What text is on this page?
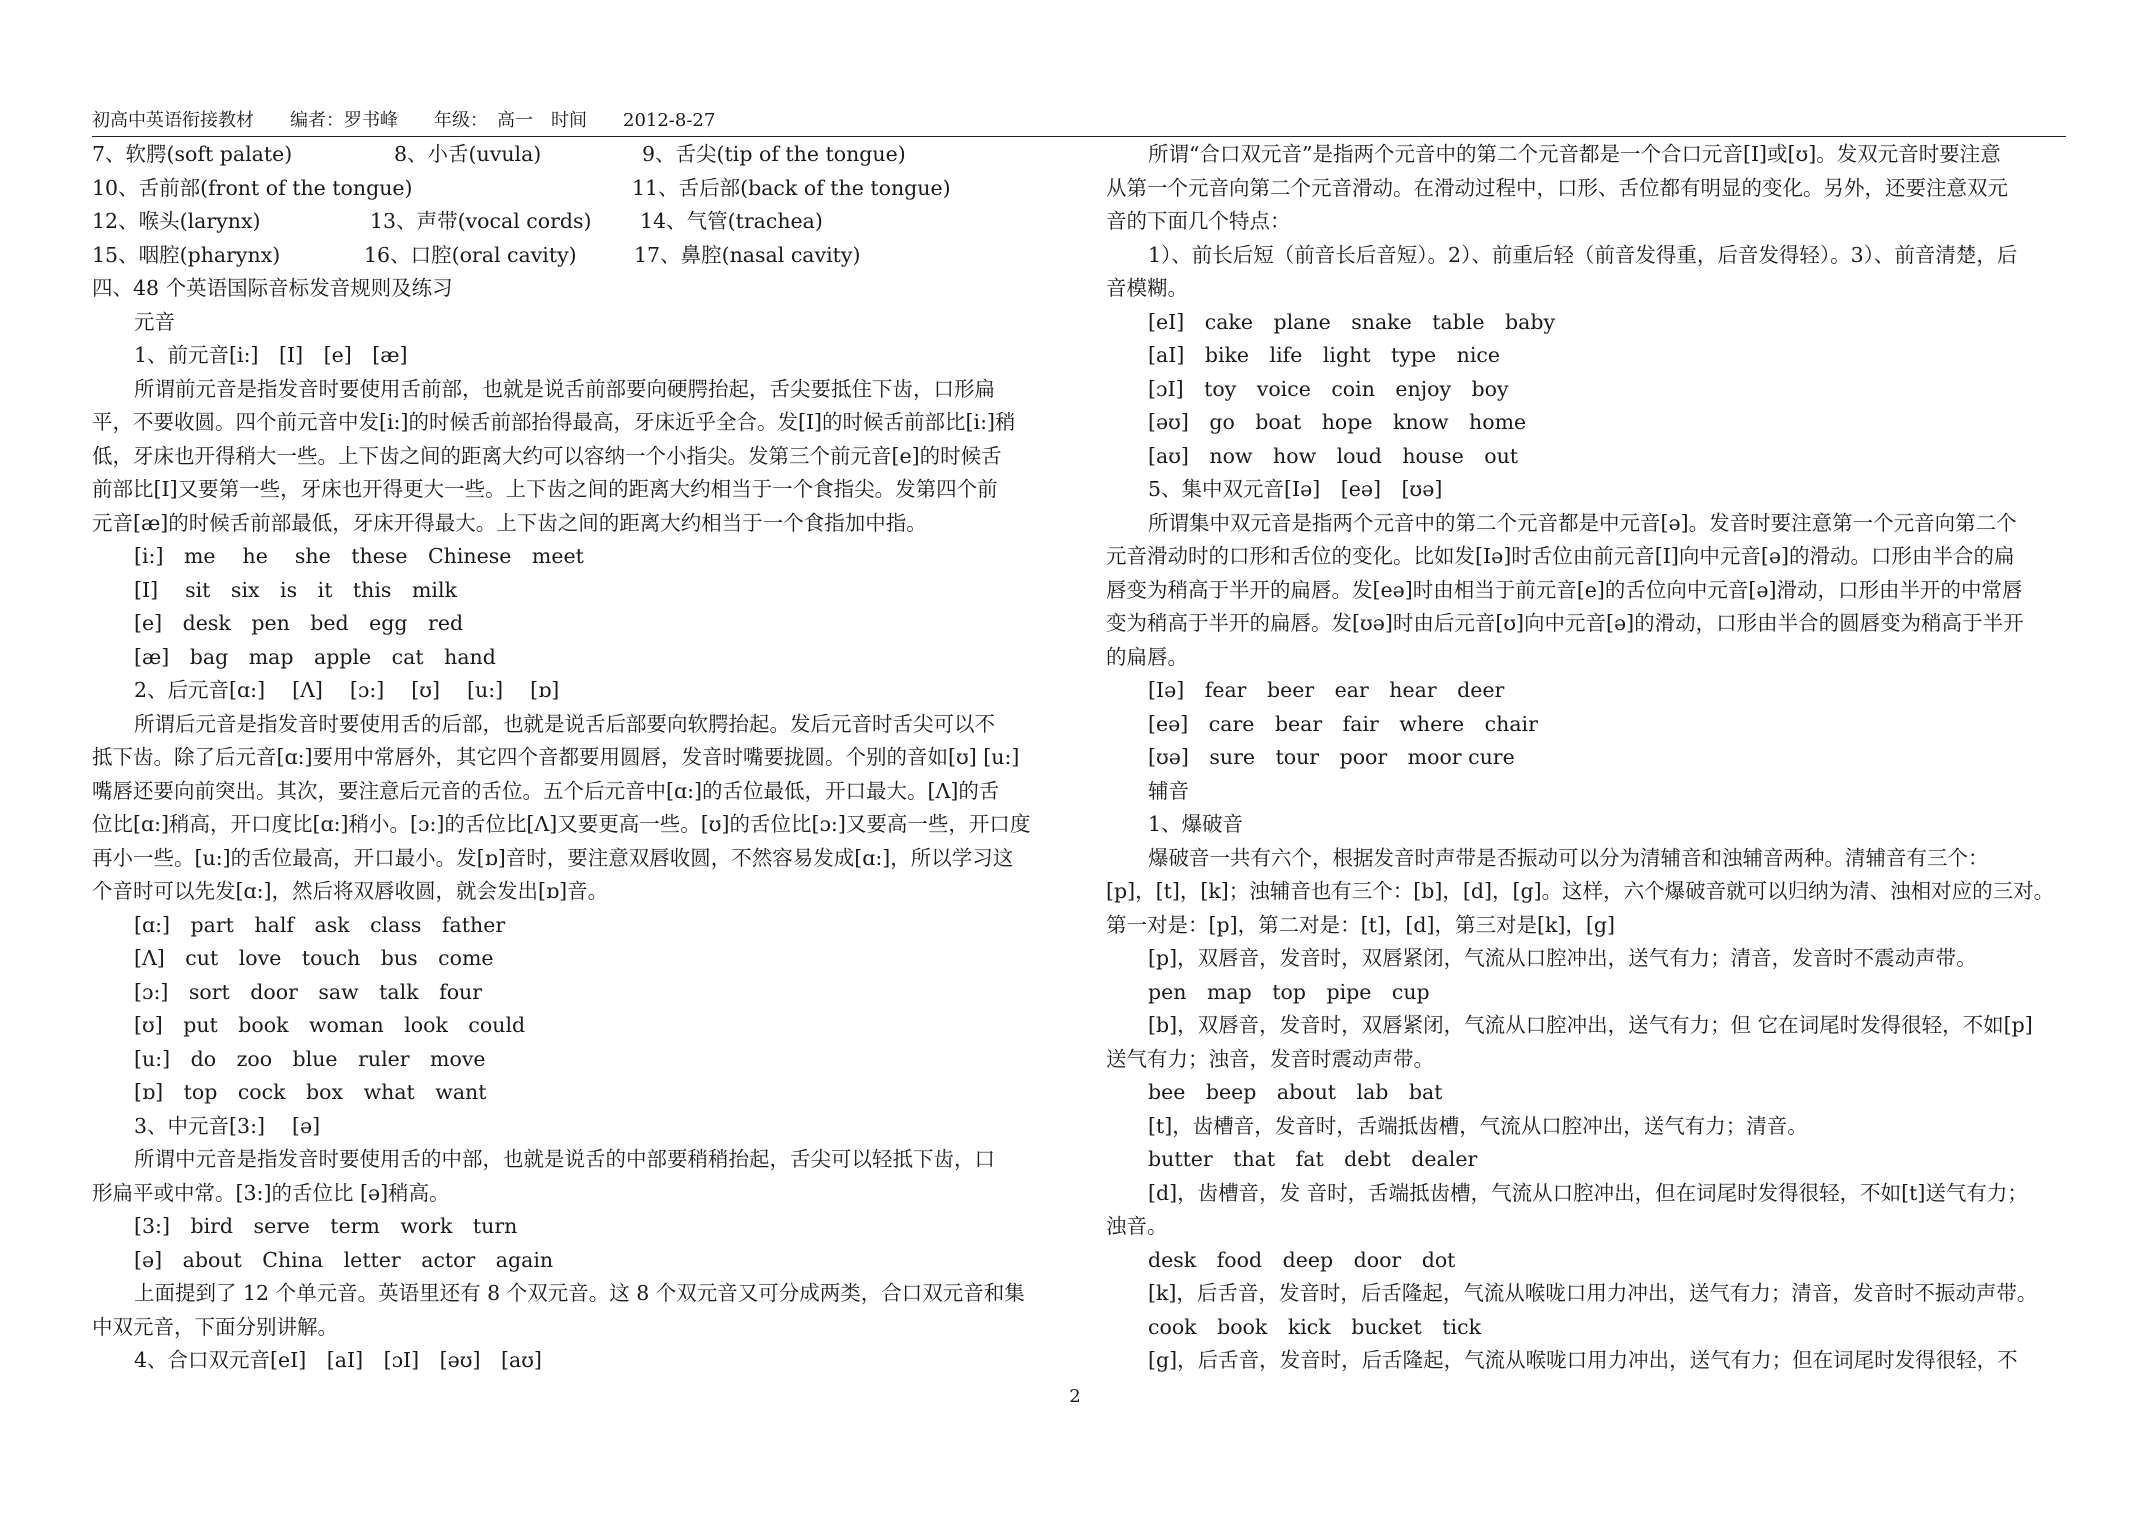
初高中英语衔接教材　　编者：罗书峰　　年级：　高一　时间　　2012-8-27
7、软腭(soft palate)	8、小舌(uvula)	9、舌尖(tip of the tongue)
10、舌前部(front of the tongue)	11、舌后部(back of the tongue)
12、喉头(larynx)	13、声带(vocal cords) 14、气管(trachea)
15、咽腔(pharynx)	16、口腔(oral cavity)	17、鼻腔(nasal cavity)
四、48 个英语国际音标发音规则及练习
元音
1、前元音[i:]　[I]　[e]　[æ]
所谓前元音是指发音时要使用舌前部，也就是说舌前部要向硬腭抬起，舌尖要抵住下齿，口形扁
平，不要收圆。四个前元音中发[i:]的时候舌前部抬得最高，牙床近乎全合。发[I]的时候舌前部比[i:]稍
低，牙床也开得稍大一些。上下齿之间的距离大约可以容纳一个小指尖。发第三个前元音[e]的时候舌
前部比[I]又要第一些，牙床也开得更大一些。上下齿之间的距离大约相当于一个食指尖。发第四个前
元音[æ]的时候舌前部最低，牙床开得最大。上下齿之间的距离大约相当于一个食指加中指。
[i:]　me　 he　 she　these　Chinese　meet
[I]　 sit　six　is　it　this　milk
[e]　desk　pen　bed　egg　red
[æ]　bag　map　apple　cat　hand
2、后元音[ɑ:]　 [Λ]　 [ɔ:]　 [ʊ]　 [u:]　 [ɒ]
所谓后元音是指发音时要使用舌的后部，也就是说舌后部要向软腭抬起。发后元音时舌尖可以不
抵下齿。除了后元音[ɑ:]要用中常唇外，其它四个音都要用圆唇，发音时嘴要拢圆。个别的音如[ʊ] [u:]
嘴唇还要向前突出。其次，要注意后元音的舌位。五个后元音中[ɑ:]的舌位最低，开口最大。[Λ]的舌
位比[ɑ:]稍高，开口度比[ɑ:]稍小。[ɔ:]的舌位比[Λ]又要更高一些。[ʊ]的舌位比[ɔ:]又要高一些，开口度
再小一些。[u:]的舌位最高，开口最小。发[ɒ]音时，要注意双唇收圆，不然容易发成[ɑ:]，所以学习这
个音时可以先发[ɑ:]，然后将双唇收圆，就会发出[ɒ]音。
[ɑ:]　part　half　ask　class　father
[Λ]　cut　love　touch　bus　come
[ɔ:]　sort　door　saw　talk　four
[ʊ]　put　book　woman　look　could
[u:]　do　zoo　blue　ruler　move
[ɒ]　top　cock　box　what　want
3、中元音[3:]　 [ə]
所谓中元音是指发音时要使用舌的中部，也就是说舌的中部要稍稍抬起，舌尖可以轻抵下齿，口
形扁平或中常。[3:]的舌位比 [ə]稍高。
[3:]　bird　serve　term　work　turn
[ə]　about　China　letter　actor　again
上面提到了 12 个单元音。英语里还有 8 个双元音。这 8 个双元音又可分成两类，合口双元音和集
中双元音，下面分别讲解。
4、合口双元音[eI]　[aI]　[ɔI]　[əʊ]　[aʊ]
所谓“合口双元音”是指两个元音中的第二个元音都是一个合口元音[I]或[ʊ]。发双元音时要注意
从第一个元音向第二个元音滑动。在滑动过程中，口形、舌位都有明显的变化。另外，还要注意双元
音的下面几个特点：
1）、前长后短（前音长后音短）。2）、前重后轻（前音发得重，后音发得轻）。3）、前音清楚，后
音模糊。
[eI]　cake　plane　snake　table　baby
[aI]　bike　life　light　type　nice
[ɔI]　toy　voice　coin　enjoy　boy
[əʊ]　go　boat　hope　know　home
[aʊ]　now　how　loud　house　out
5、集中双元音[Iə]　[eə]　[ʊə]
所谓集中双元音是指两个元音中的第二个元音都是中元音[ə]。发音时要注意第一个元音向第二个
元音滑动时的口形和舌位的变化。比如发[Iə]时舌位由前元音[I]向中元音[ə]的滑动。口形由半合的扁
唇变为稍高于半开的扁唇。发[eə]时由相当于前元音[e]的舌位向中元音[ə]滑动，口形由半开的中常唇
变为稍高于半开的扁唇。发[ʊə]时由后元音[ʊ]向中元音[ə]的滑动，口形由半合的圆唇变为稍高于半开
的扁唇。
[Iə]　fear　beer　ear　hear　deer
[eə]　care　bear　fair　where　chair
[ʊə]　sure　tour　poor　moor cure
辅音
1、爆破音
爆破音一共有六个，根据发音时声带是否振动可以分为清辅音和浊辅音两种。清辅音有三个：
[p]，[t]，[k]；浊辅音也有三个：[b]，[d]，[g]。这样，六个爆破音就可以归纳为清、浊相对应的三对。
第一对是：[p]，第二对是：[t]，[d]，第三对是[k]，[g]
[p]，双唇音，发音时，双唇紧闭，气流从口腔冲出，送气有力；清音，发音时不震动声带。
pen　map　top　pipe　cup
[b]，双唇音，发音时，双唇紧闭，气流从口腔冲出，送气有力；但 它在词尾时发得很轻，不如[p]
送气有力；浊音，发音时震动声带。
bee　beep　about　lab　bat
[t]，齿槽音，发音时，舌端抵齿槽，气流从口腔冲出，送气有力；清音。
butter　that　fat　debt　dealer
[d]，齿槽音，发 音时，舌端抵齿槽，气流从口腔冲出，但在词尾时发得很轻，不如[t]送气有力；
浊音。
desk　food　deep　door　dot
[k]，后舌音，发音时，后舌隆起，气流从喉咙口用力冲出，送气有力；清音，发音时不振动声带。
cook　book　kick　bucket　tick
[g]，后舌音，发音时，后舌隆起，气流从喉咙口用力冲出，送气有力；但在词尾时发得很轻，不
2
